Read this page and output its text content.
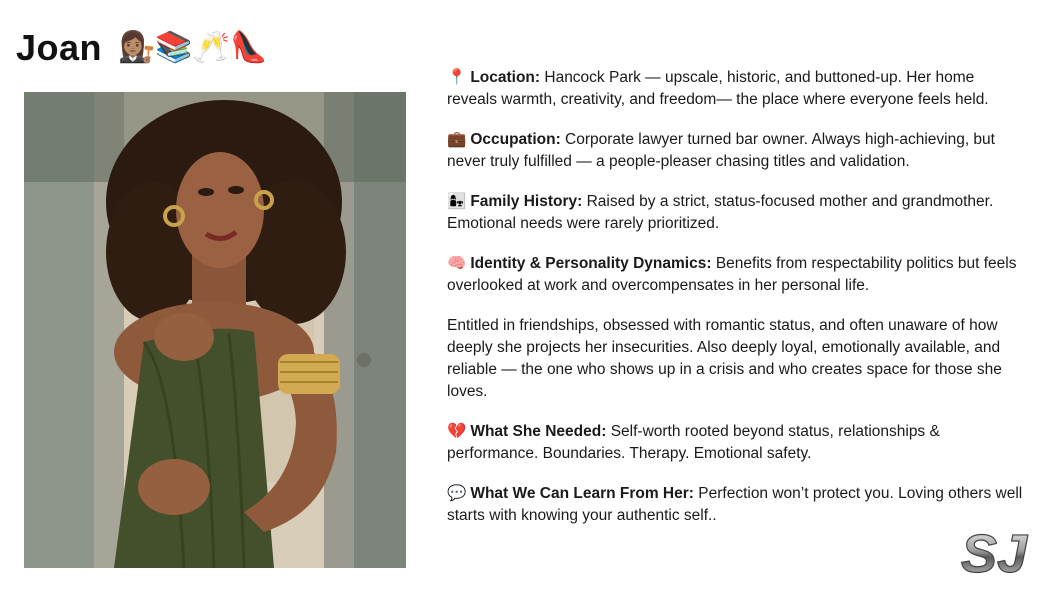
Joan 👩🏽‍⚖️📚🥂👠

📍 Location: Hancock Park — upscale, historic, and buttoned-up. Her home reveals warmth, creativity, and freedom— the place where everyone feels held.

💼 Occupation: Corporate lawyer turned bar owner. Always high-achieving, but never truly fulfilled — a people-pleaser chasing titles and validation.

👩‍👧 Family History: Raised by a strict, status-focused mother and grandmother. Emotional needs were rarely prioritized.

🧠 Identity & Personality Dynamics: Benefits from respectability politics but feels overlooked at work and overcompensates in her personal life.

Entitled in friendships, obsessed with romantic status, and often unaware of how deeply she projects her insecurities. Also deeply loyal, emotionally available, and reliable — the one who shows up in a crisis and who creates space for those she loves.

💔 What She Needed: Self-worth rooted beyond status, relationships & performance. Boundaries. Therapy. Emotional safety.

💬 What We Can Learn From Her: Perfection won’t protect you. Loving others well starts with knowing your authentic self..

SJ
